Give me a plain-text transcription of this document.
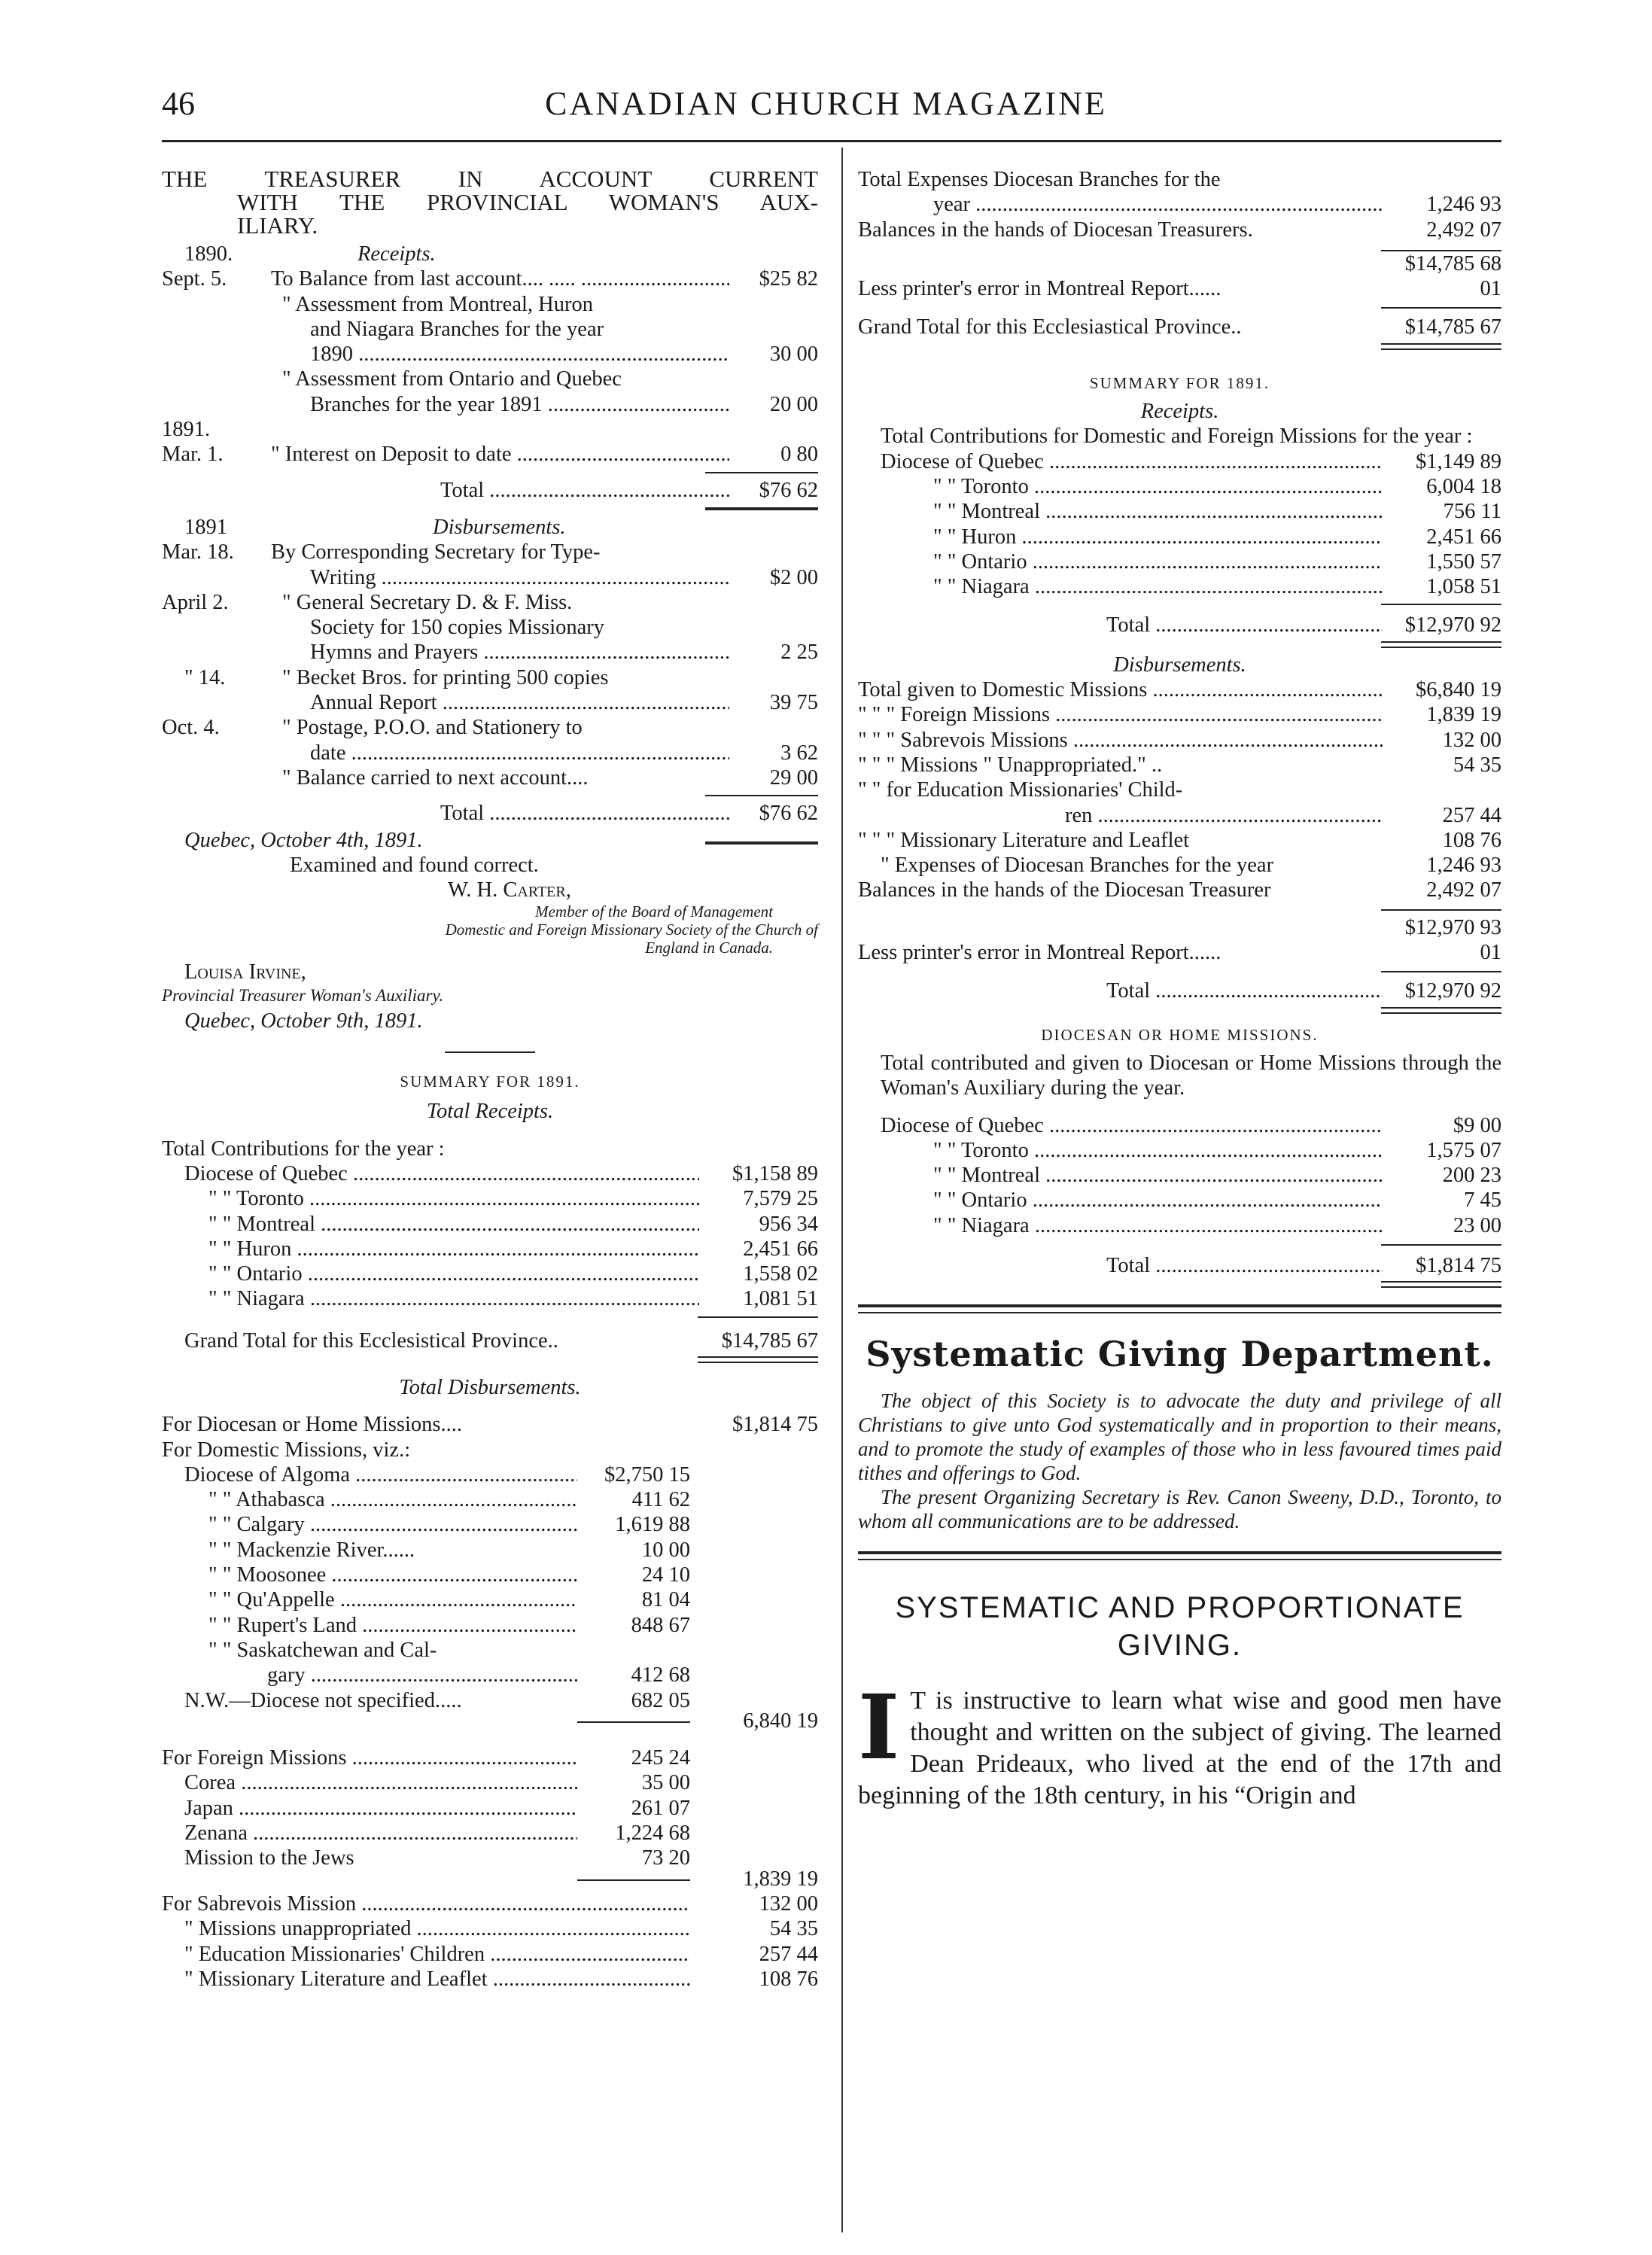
46	CANADIAN CHURCH MAGAZINE
THE TREASURER IN ACCOUNT CURRENT
WITH THE PROVINCIAL WOMAN'S AUX-
ILIARY.
1890.	Receipts.
Sept. 5.	To Balance from last account.... ..... .....	$25 82
" Assessment from Montreal, Huron
and Niagara Branches for the year
1890 .....	30 00
" Assessment from Ontario and Quebec
Branches for the year 1891 .....	20 00
1891.
Mar. 1.	" Interest on Deposit to date .....	0 80
Total .....	$76 62
1891	Disbursements.
Mar. 18.	By Corresponding Secretary for Type-
Writing .....	$2 00
April 2.	" General Secretary D. & F. Miss.
Society for 150 copies Missionary
Hymns and Prayers .....	2 25
" 14.	" Becket Bros. for printing 500 copies
Annual Report .....	39 75
Oct. 4.	" Postage, P.O.O. and Stationery to
date .....	3 62
" Balance carried to next account....	29 00
Total .....	$76 62
Quebec, October 4th, 1891.
Examined and found correct.
W. H. Carter,
Member of the Board of Management
Domestic and Foreign Missionary Society of the Church of
England in Canada.
Louisa Irvine,
Provincial Treasurer Woman's Auxiliary.
Quebec, October 9th, 1891.
SUMMARY FOR 1891.
Total Receipts.
Total Contributions for the year :
Diocese of Quebec .....	$1,158 89
" " Toronto .....	7,579 25
" " Montreal .....	956 34
" " Huron .....	2,451 66
" " Ontario .....	1,558 02
" " Niagara .....	1,081 51
Grand Total for this Ecclesistical Province..	$14,785 67
Total Disbursements.
For Diocesan or Home Missions....	$1,814 75
For Domestic Missions, viz.:
Diocese of Algoma .....	$2,750 15
" " Athabasca .....	411 62
" " Calgary .....	1,619 88
" " Mackenzie River......	10 00
" " Moosonee .....	24 10
" " Qu'Appelle .....	81 04
" " Rupert's Land .....	848 67
" " Saskatchewan and Cal-
gary .....	412 68
N.W.—Diocese not specified.....	682 05
6,840 19
For Foreign Missions .....	245 24
Corea .....	35 00
Japan .....	261 07
Zenana .....	1,224 68
Mission to the Jews	73 20
1,839 19
For Sabrevois Mission .....	132 00
" Missions unappropriated .....	54 35
" Education Missionaries' Children .....	257 44
" Missionary Literature and Leaflet .....	108 76
Total Expenses Diocesan Branches for the
year .....	1,246 93
Balances in the hands of Diocesan Treasurers.	2,492 07
$14,785 68
Less printer's error in Montreal Report......	01
Grand Total for this Ecclesiastical Province..	$14,785 67
SUMMARY FOR 1891.
Receipts.
Total Contributions for Domestic and Foreign Missions for the year :
Diocese of Quebec .....	$1,149 89
" " Toronto .....	6,004 18
" " Montreal .....	756 11
" " Huron .....	2,451 66
" " Ontario .....	1,550 57
" " Niagara .....	1,058 51
Total .....	$12,970 92
Disbursements.
Total given to Domestic Missions .....	$6,840 19
" " " Foreign Missions .....	1,839 19
" " " Sabrevois Missions .....	132 00
" " " Missions " Unappropriated." ..	54 35
" " for Education Missionaries' Child-
ren .....	257 44
" " " Missionary Literature and Leaflet	108 76
" Expenses of Diocesan Branches for the year	1,246 93
Balances in the hands of the Diocesan Treasurer	2,492 07
$12,970 93
Less printer's error in Montreal Report......	01
Total .....	$12,970 92
DIOCESAN OR HOME MISSIONS.
Total contributed and given to Diocesan or Home Missions through the Woman's Auxiliary during the year.
Diocese of Quebec .....	$9 00
" " Toronto .....	1,575 07
" " Montreal .....	200 23
" " Ontario .....	7 45
" " Niagara .....	23 00
Total .....	$1,814 75
Systematic Giving Department.
The object of this Society is to advocate the duty and privilege of all Christians to give unto God systematically and in proportion to their means, and to promote the study of examples of those who in less favoured times paid tithes and offerings to God.
The present Organizing Secretary is Rev. Canon Sweeny, D.D., Toronto, to whom all communications are to be addressed.
SYSTEMATIC AND PROPORTIONATE GIVING.
I T is instructive to learn what wise and good men have thought and written on the subject of giving. The learned Dean Prideaux, who lived at the end of the 17th and beginning of the 18th century, in his “Origin and
